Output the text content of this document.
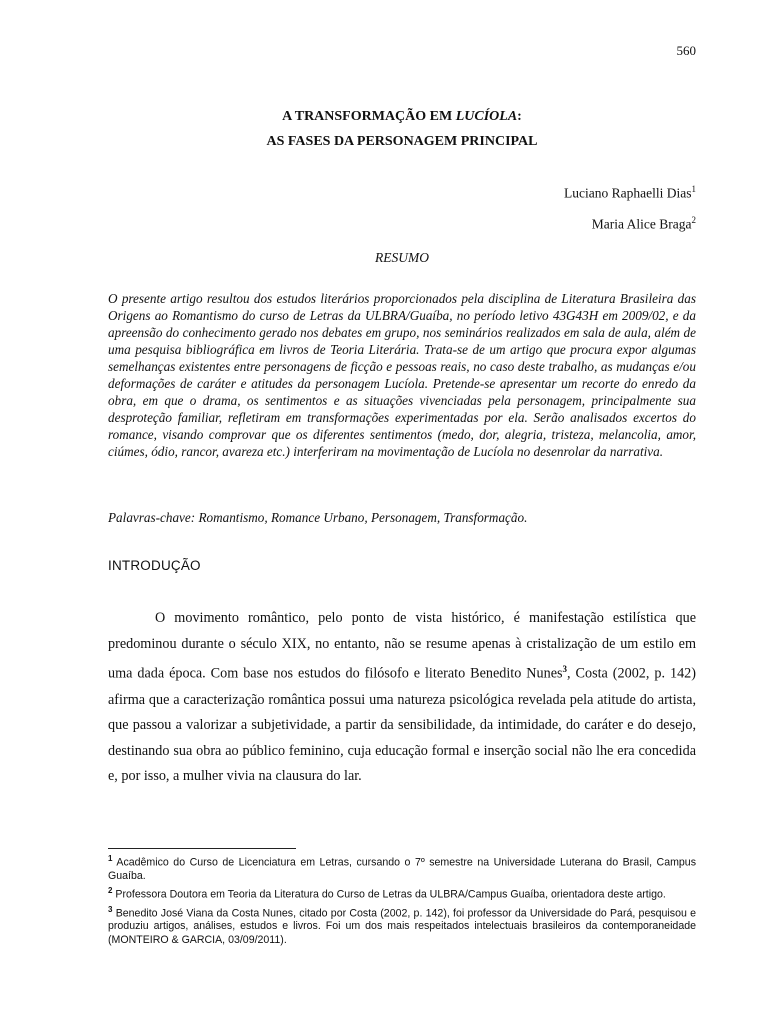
560
A TRANSFORMAÇÃO EM LUCÍOLA:
AS FASES DA PERSONAGEM PRINCIPAL
Luciano Raphaelli Dias$^1$
Maria Alice Braga$^2$
RESUMO
O presente artigo resultou dos estudos literários proporcionados pela disciplina de Literatura Brasileira das Origens ao Romantismo do curso de Letras da ULBRA/Guaíba, no período letivo 43G43H em 2009/02, e da apreensão do conhecimento gerado nos debates em grupo, nos seminários realizados em sala de aula, além de uma pesquisa bibliográfica em livros de Teoria Literária. Trata-se de um artigo que procura expor algumas semelhanças existentes entre personagens de ficção e pessoas reais, no caso deste trabalho, as mudanças e/ou deformações de caráter e atitudes da personagem Lucíola. Pretende-se apresentar um recorte do enredo da obra, em que o drama, os sentimentos e as situações vivenciadas pela personagem, principalmente sua desproteção familiar, refletiram em transformações experimentadas por ela. Serão analisados excertos do romance, visando comprovar que os diferentes sentimentos (medo, dor, alegria, tristeza, melancolia, amor, ciúmes, ódio, rancor, avareza etc.) interferiram na movimentação de Lucíola no desenrolar da narrativa.
Palavras-chave: Romantismo, Romance Urbano, Personagem, Transformação.
INTRODUÇÃO

O movimento romântico, pelo ponto de vista histórico, é manifestação estilística que predominou durante o século XIX, no entanto, não se resume apenas à cristalização de um estilo em uma dada época. Com base nos estudos do filósofo e literato Benedito Nunes$^3$, Costa (2002, p. 142) afirma que a caracterização romântica possui uma natureza psicológica revelada pela atitude do artista, que passou a valorizar a subjetividade, a partir da sensibilidade, da intimidade, do caráter e do desejo, destinando sua obra ao público feminino, cuja educação formal e inserção social não lhe era concedida e, por isso, a mulher vivia na clausura do lar.

$^1$ Acadêmico do Curso de Licenciatura em Letras, cursando o 7º semestre na Universidade Luterana do Brasil, Campus Guaíba.

$^2$ Professora Doutora em Teoria da Literatura do Curso de Letras da ULBRA/Campus Guaíba, orientadora deste artigo.

$^3$ Benedito José Viana da Costa Nunes, citado por Costa (2002, p. 142), foi professor da Universidade do Pará, pesquisou e produziu artigos, análises, estudos e livros. Foi um dos mais respeitados intelectuais brasileiros da contemporaneidade (MONTEIRO & GARCIA, 03/09/2011).
